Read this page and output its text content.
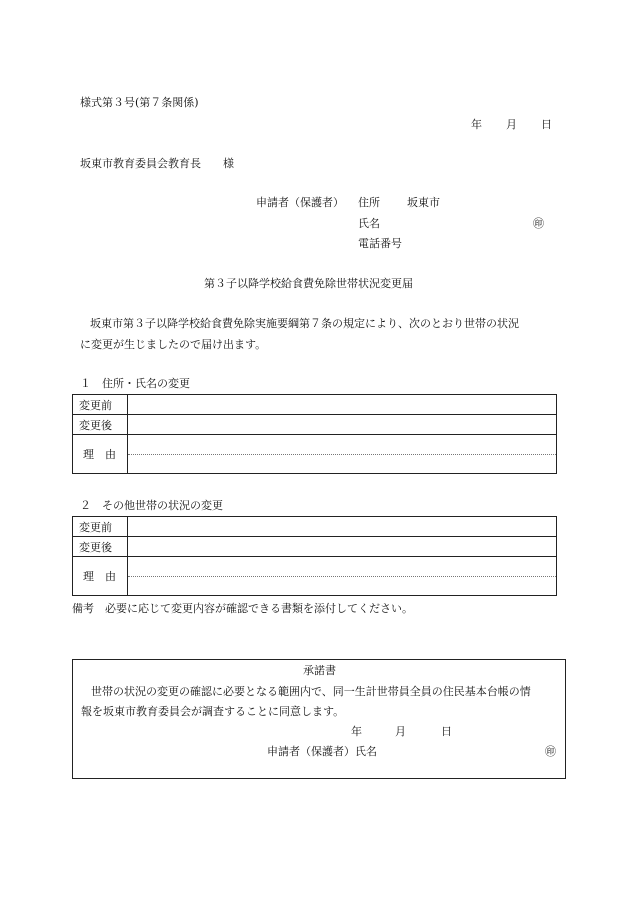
様式第３号(第７条関係)
年 月 日
坂東市教育委員会教育長　　様
申請者（保護者） 住所 坂東市
氏名	㊞
電話番号
第３子以降学校給食費免除世帯状況変更届
坂東市第３子以降学校給食費免除実施要綱第７条の規定により、次のとおり世帯の状況
に変更が生じましたので届け出ます。
１　住所・氏名の変更
変更前	
変更後	
理　由	
２　その他世帯の状況の変更
変更前	
変更後	
理　由	
備考　必要に応じて変更内容が確認できる書類を添付してください。
承諾書
世帯の状況の変更の確認に必要となる範囲内で、同一生計世帯員全員の住民基本台帳の情
報を坂東市教育委員会が調査することに同意します。
年	月	日
申請者（保護者）氏名	㊞
